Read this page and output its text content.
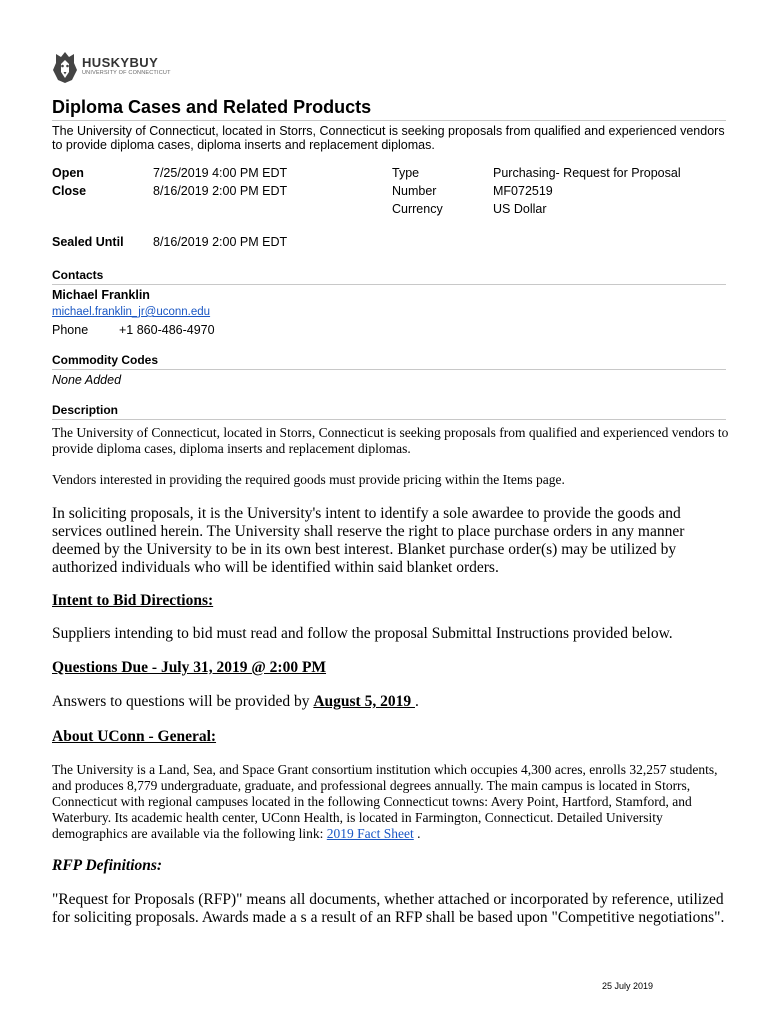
HUSKYBUY
UNIVERSITY OF CONNECTICUT
Diploma Cases and Related Products
The University of Connecticut, located in Storrs, Connecticut is seeking proposals from qualified and experienced vendors to provide diploma cases, diploma inserts and replacement diplomas.
Open	7/25/2019 4:00 PM EDT
Close	8/16/2019 2:00 PM EDT
Type	Purchasing- Request for Proposal
Number	MF072519
Currency	US Dollar
Sealed Until 8/16/2019 2:00 PM EDT
Contacts
Michael Franklin
michael.franklin_jr@uconn.edu
Phone +1 860-486-4970
Commodity Codes
None Added
Description
The University of Connecticut, located in Storrs, Connecticut is seeking proposals from qualified and experienced vendors to provide diploma cases, diploma inserts and replacement diplomas.
Vendors interested in providing the required goods must provide pricing within the Items page.
In soliciting proposals, it is the University's intent to identify a sole awardee to provide the goods and services outlined herein. The University shall reserve the right to place purchase orders in any manner deemed by the University to be in its own best interest. Blanket purchase order(s) may be utilized by authorized individuals who will be identified within said blanket orders.
Intent to Bid Directions:
Suppliers intending to bid must read and follow the proposal Submittal Instructions provided below.
Questions Due - July 31, 2019 @ 2:00 PM
Answers to questions will be provided by August 5, 2019 .
About UConn - General:
The University is a Land, Sea, and Space Grant consortium institution which occupies 4,300 acres, enrolls 32,257 students, and produces 8,779 undergraduate, graduate, and professional degrees annually. The main campus is located in Storrs, Connecticut with regional campuses located in the following Connecticut towns: Avery Point, Hartford, Stamford, and Waterbury. Its academic health center, UConn Health, is located in Farmington, Connecticut. Detailed University demographics are available via the following link: 2019 Fact Sheet .
RFP Definitions:
"Request for Proposals (RFP)" means all documents, whether attached or incorporated by reference, utilized for soliciting proposals. Awards made a s a result of an RFP shall be based upon "Competitive negotiations".
25 July 2019
